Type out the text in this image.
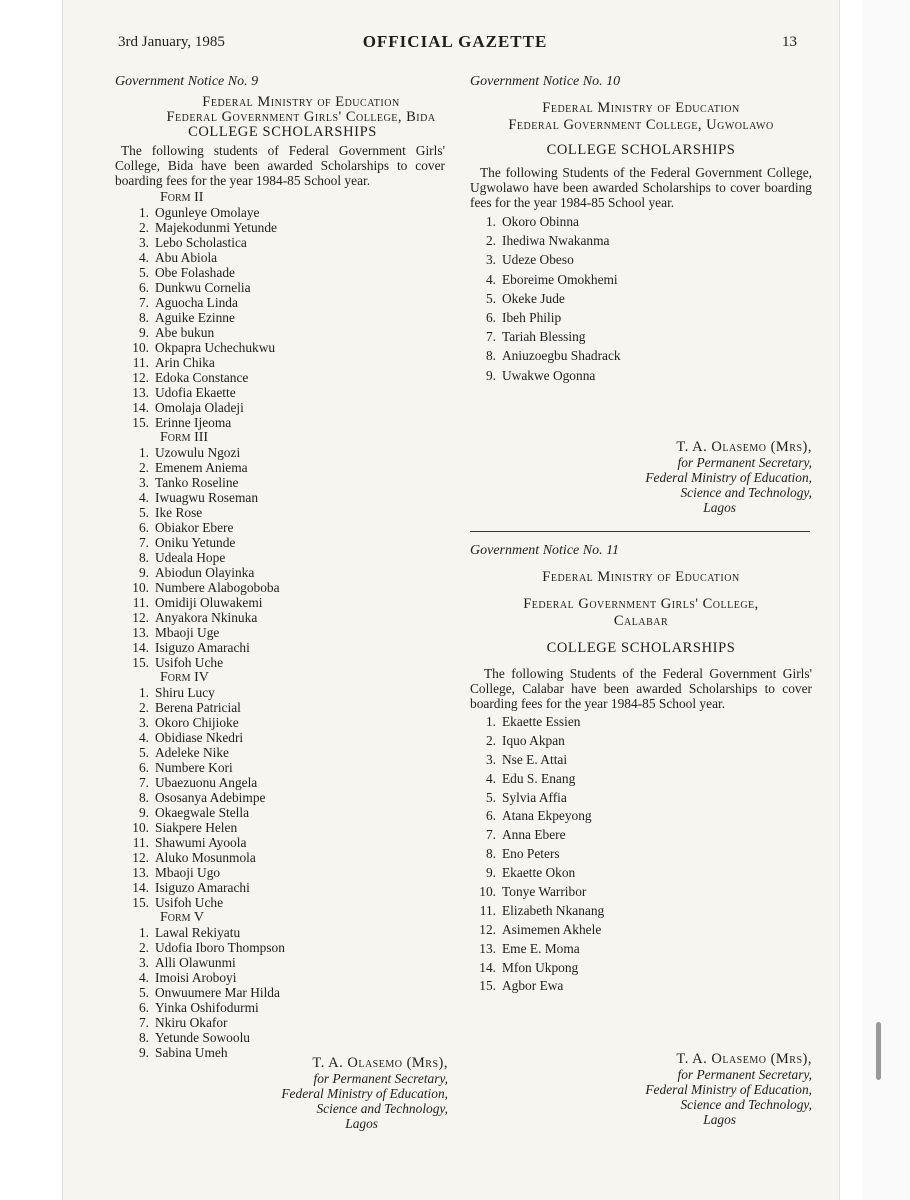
3rd January, 1985	OFFICIAL GAZETTE	13
Government Notice No. 9
Federal Ministry of Education
Federal Government Girls' College, Bida
COLLEGE SCHOLARSHIPS
The following students of Federal Government Girls' College, Bida have been awarded Scholarships to cover boarding fees for the year 1984-85 School year.
Form II
1. Ogunleye Omolaye
2. Majekodunmi Yetunde
3. Lebo Scholastica
4. Abu Abiola
5. Obe Folashade
6. Dunkwu Cornelia
7. Aguocha Linda
8. Aguike Ezinne
9. Abe bukun
10. Okpapra Uchechukwu
11. Arin Chika
12. Edoka Constance
13. Udofia Ekaette
14. Omolaja Oladeji
15. Erinne Ijeoma
Form III
1. Uzowulu Ngozi
2. Emenem Aniema
3. Tanko Roseline
4. Iwuagwu Roseman
5. Ike Rose
6. Obiakor Ebere
7. Oniku Yetunde
8. Udeala Hope
9. Abiodun Olayinka
10. Numbere Alabogoboba
11. Omidiji Oluwakemi
12. Anyakora Nkinuka
13. Mbaoji Uge
14. Isiguzo Amarachi
15. Usifoh Uche
Form IV
1. Shiru Lucy
2. Berena Patricial
3. Okoro Chijioke
4. Obidiase Nkedri
5. Adeleke Nike
6. Numbere Kori
7. Ubaezuonu Angela
8. Ososanya Adebimpe
9. Okaegwale Stella
10. Siakpere Helen
11. Shawumi Ayoola
12. Aluko Mosunmola
13. Mbaoji Ugo
14. Isiguzo Amarachi
15. Usifoh Uche
Form V
1. Lawal Rekiyatu
2. Udofia Iboro Thompson
3. Alli Olawunmi
4. Imoisi Aroboyi
5. Onwuumere Mar Hilda
6. Yinka Oshifodurmi
7. Nkiru Okafor
8. Yetunde Sowoolu
9. Sabina Umeh
T. A. Olasemo (Mrs),
for Permanent Secretary,
Federal Ministry of Education,
Science and Technology,
Lagos
Government Notice No. 10
Federal Ministry of Education
Federal Government College, Ugwolawo
COLLEGE SCHOLARSHIPS
The following Students of the Federal Government College, Ugwolawo have been awarded Scholarships to cover boarding fees for the year 1984-85 School year.
1. Okoro Obinna
2. Ihediwa Nwakanma
3. Udeze Obeso
4. Eboreime Omokhemi
5. Okeke Jude
6. Ibeh Philip
7. Tariah Blessing
8. Aniuzoegbu Shadrack
9. Uwakwe Ogonna
T. A. Olasemo (Mrs),
for Permanent Secretary,
Federal Ministry of Education,
Science and Technology,
Lagos
Government Notice No. 11
Federal Ministry of Education
Federal Government Girls' College,
Calabar
COLLEGE SCHOLARSHIPS
The following Students of the Federal Government Girls' College, Calabar have been awarded Scholarships to cover boarding fees for the year 1984-85 School year.
1. Ekaette Essien
2. Iquo Akpan
3. Nse E. Attai
4. Edu S. Enang
5. Sylvia Affia
6. Atana Ekpeyong
7. Anna Ebere
8. Eno Peters
9. Ekaette Okon
10. Tonye Warribor
11. Elizabeth Nkanang
12. Asimemen Akhele
13. Eme E. Moma
14. Mfon Ukpong
15. Agbor Ewa
T. A. Olasemo (Mrs),
for Permanent Secretary,
Federal Ministry of Education,
Science and Technology,
Lagos
